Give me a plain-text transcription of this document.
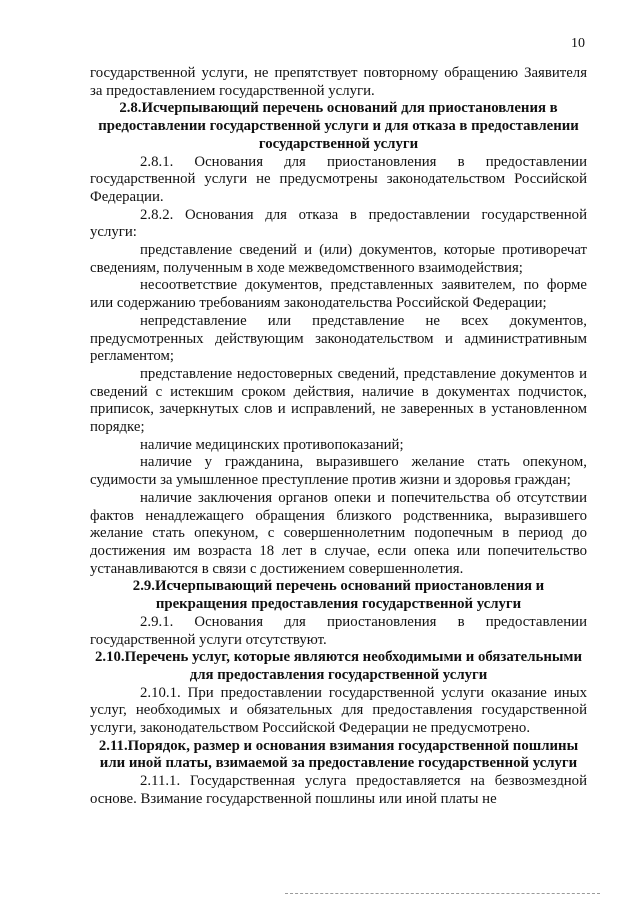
10

государственной услуги, не препятствует повторному обращению Заявителя за предоставлением государственной услуги.

2.8.Исчерпывающий перечень оснований для приостановления в предоставлении государственной услуги и для отказа в предоставлении государственной услуги

2.8.1. Основания для приостановления в предоставлении государственной услуги не предусмотрены законодательством Российской Федерации.

2.8.2. Основания для отказа в предоставлении государственной услуги:

представление сведений и (или) документов, которые противоречат сведениям, полученным в ходе межведомственного взаимодействия;

несоответствие документов, представленных заявителем, по форме или содержанию требованиям законодательства Российской Федерации;

непредставление или представление не всех документов, предусмотренных действующим законодательством и административным регламентом;

представление недостоверных сведений, представление документов и сведений с истекшим сроком действия, наличие в документах подчисток, приписок, зачеркнутых слов и исправлений, не заверенных в установленном порядке;

наличие медицинских противопоказаний;

наличие у гражданина, выразившего желание стать опекуном, судимости за умышленное преступление против жизни и здоровья граждан;

наличие заключения органов опеки и попечительства об отсутствии фактов ненадлежащего обращения близкого родственника, выразившего желание стать опекуном, с совершеннолетним подопечным в период до достижения им возраста 18 лет в случае, если опека или попечительство устанавливаются в связи с достижением совершеннолетия.

2.9.Исчерпывающий перечень оснований приостановления и прекращения предоставления государственной услуги

2.9.1. Основания для приостановления в предоставлении государственной услуги отсутствуют.

2.10.Перечень услуг, которые являются необходимыми и обязательными для предоставления государственной услуги

2.10.1. При предоставлении государственной услуги оказание иных услуг, необходимых и обязательных для предоставления государственной услуги, законодательством Российской Федерации не предусмотрено.

2.11.Порядок, размер и основания взимания государственной пошлины или иной платы, взимаемой за предоставление государственной услуги

2.11.1. Государственная услуга предоставляется на безвозмездной основе. Взимание государственной пошлины или иной платы не
